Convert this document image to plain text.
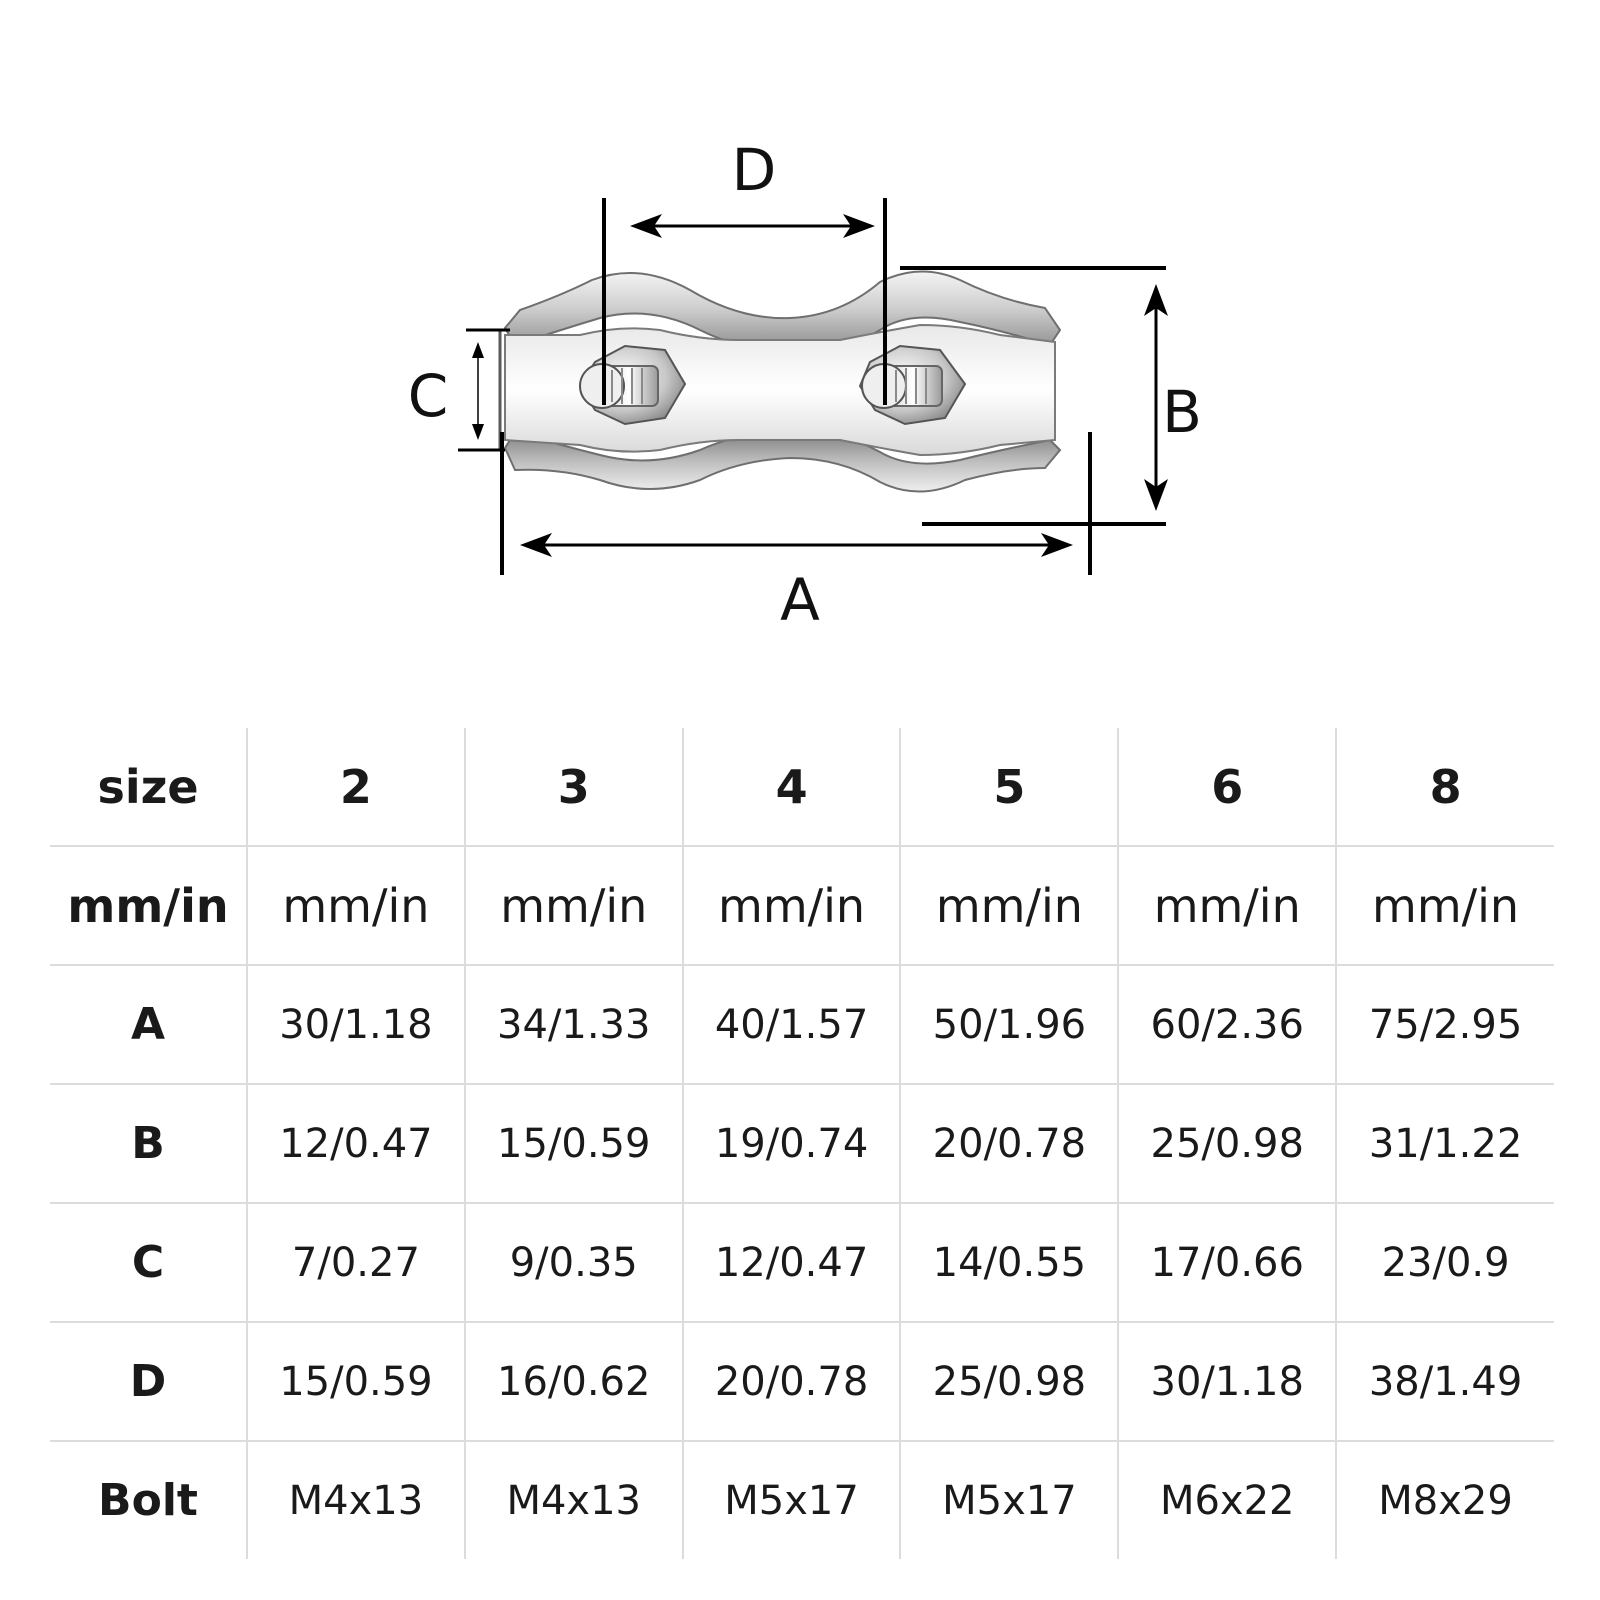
D
C
A
B
size	2	3	4	5	6	8
mm/in	mm/in	mm/in	mm/in	mm/in	mm/in	mm/in
A	30/1.18	34/1.33	40/1.57	50/1.96	60/2.36	75/2.95
B	12/0.47	15/0.59	19/0.74	20/0.78	25/0.98	31/1.22
C	7/0.27	9/0.35	12/0.47	14/0.55	17/0.66	23/0.9
D	15/0.59	16/0.62	20/0.78	25/0.98	30/1.18	38/1.49
Bolt	M4x13	M4x13	M5x17	M5x17	M6x22	M8x29
